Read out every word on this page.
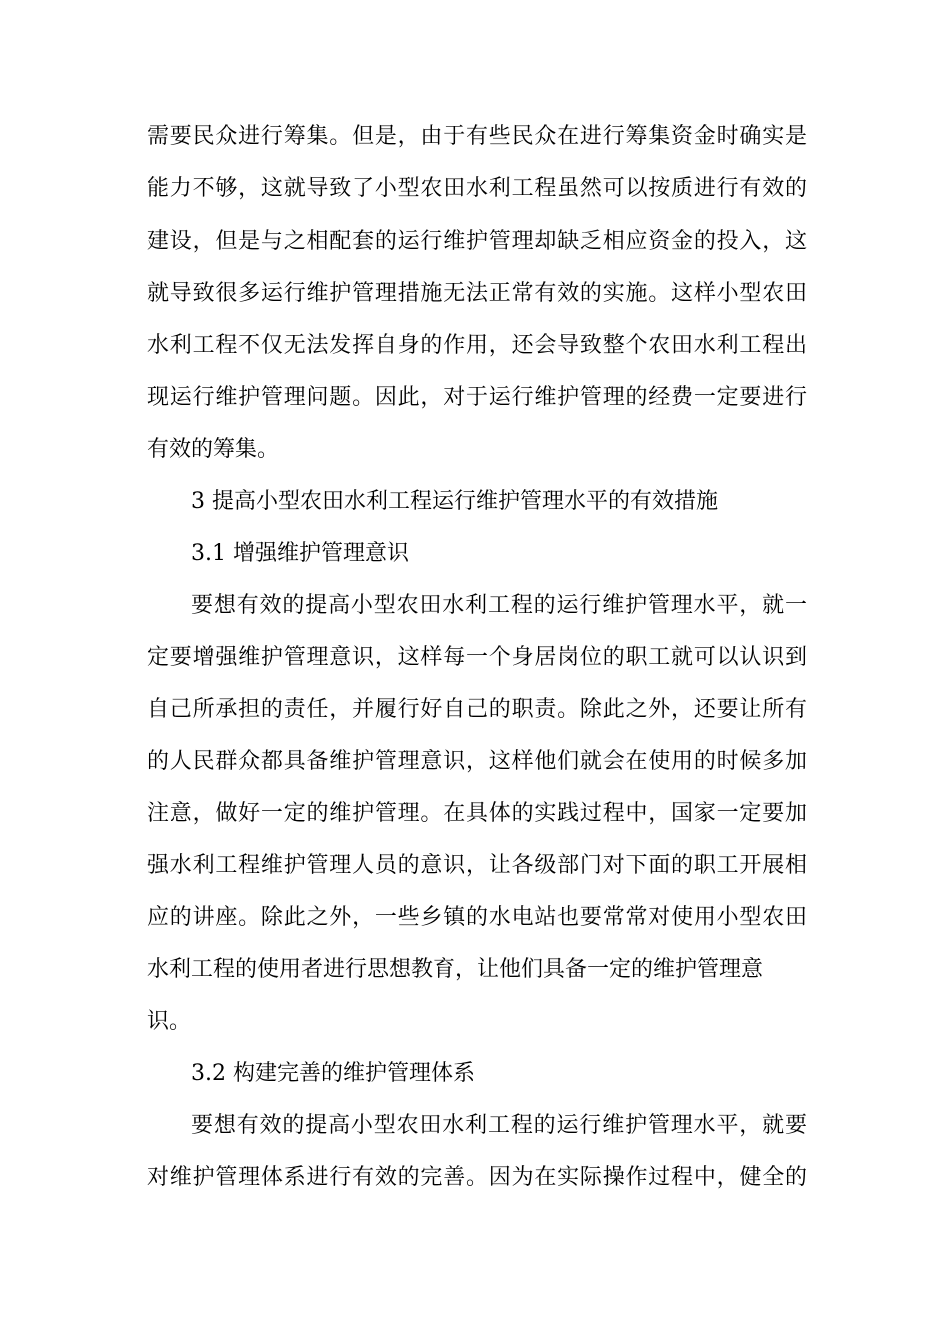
需要民众进行筹集。但是，由于有些民众在进行筹集资金时确实是
能力不够，这就导致了小型农田水利工程虽然可以按质进行有效的
建设，但是与之相配套的运行维护管理却缺乏相应资金的投入，这
就导致很多运行维护管理措施无法正常有效的实施。这样小型农田
水利工程不仅无法发挥自身的作用，还会导致整个农田水利工程出
现运行维护管理问题。因此，对于运行维护管理的经费一定要进行
有效的筹集。
3 提高小型农田水利工程运行维护管理水平的有效措施
3.1 增强维护管理意识
要想有效的提高小型农田水利工程的运行维护管理水平，就一
定要增强维护管理意识，这样每一个身居岗位的职工就可以认识到
自己所承担的责任，并履行好自己的职责。除此之外，还要让所有
的人民群众都具备维护管理意识，这样他们就会在使用的时候多加
注意，做好一定的维护管理。在具体的实践过程中，国家一定要加
强水利工程维护管理人员的意识，让各级部门对下面的职工开展相
应的讲座。除此之外，一些乡镇的水电站也要常常对使用小型农田
水利工程的使用者进行思想教育，让他们具备一定的维护管理意
识。
3.2 构建完善的维护管理体系
要想有效的提高小型农田水利工程的运行维护管理水平，就要
对维护管理体系进行有效的完善。因为在实际操作过程中，健全的
